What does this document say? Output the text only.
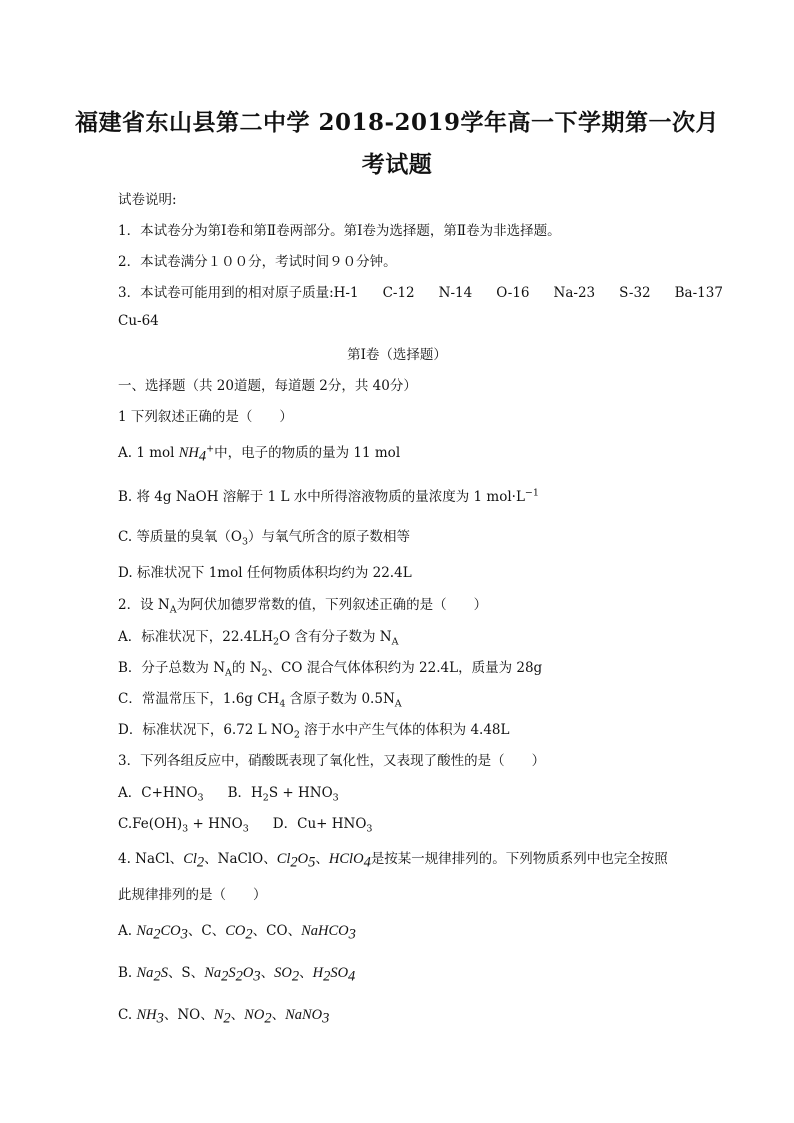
福建省东山县第二中学 2018-2019学年高一下学期第一次月
考试题
试卷说明:
1．本试卷分为第Ⅰ卷和第Ⅱ卷两部分。第Ⅰ卷为选择题，第Ⅱ卷为非选择题。
2．本试卷满分１００分，考试时间９０分钟。
3．本试卷可能用到的相对原子质量:H-1 C-12 N-14 O-16 Na-23 S-32 Ba-137
Cu-64
第Ⅰ卷（选择题）
一、选择题（共 20道题，每道题 2分，共 40分）
1 下列叙述正确的是（　　）
A. 1 mol $NH_4^+$中，电子的物质的量为 11 mol
B. 将 4g NaOH 溶解于 1 L 水中所得溶液物质的量浓度为 1 $mol\cdot L^{-1}$
C. 等质量的臭氧$(O_3)$与氧气所含的原子数相等
D. 标准状况下 1mol 任何物质体积均约为 22.4L
2．设 $N_A$为阿伏加德罗常数的值，下列叙述正确的是（　　）
A．标准状况下，$22.4LH_2O$ 含有分子数为 $N_A$
B．分子总数为 $N_A$的 $N_2$、CO 混合气体体积约为 22.4L，质量为 28g
C．常温常压下，1.6g $CH_4$ 含原子数为 $0.5N_A$
D．标准状况下，6.72 L $NO_2$ 溶于水中产生气体的体积为 4.48L
3．下列各组反应中，硝酸既表现了氧化性，又表现了酸性的是（　　）
A．$C+HNO_3$ B．$H_2S + HNO_3$
$C.Fe(OH)_3 + HNO_3$ D．$Cu+ HNO_3$
4. NaCl、$Cl_2$、NaClO、$Cl_2O_5$、HClO$_4$是按某一规律排列的。下列物质系列中也完全按照
此规律排列的是（　　）
A. $Na_2CO_3$、C、$CO_2$、CO、NaHCO$_3$
B. $Na_2S$、S、$Na_2S_2O_3$、$SO_2$、$H_2SO_4$
C. $NH_3$、NO、$N_2$、$NO_2$、NaNO$_3$
